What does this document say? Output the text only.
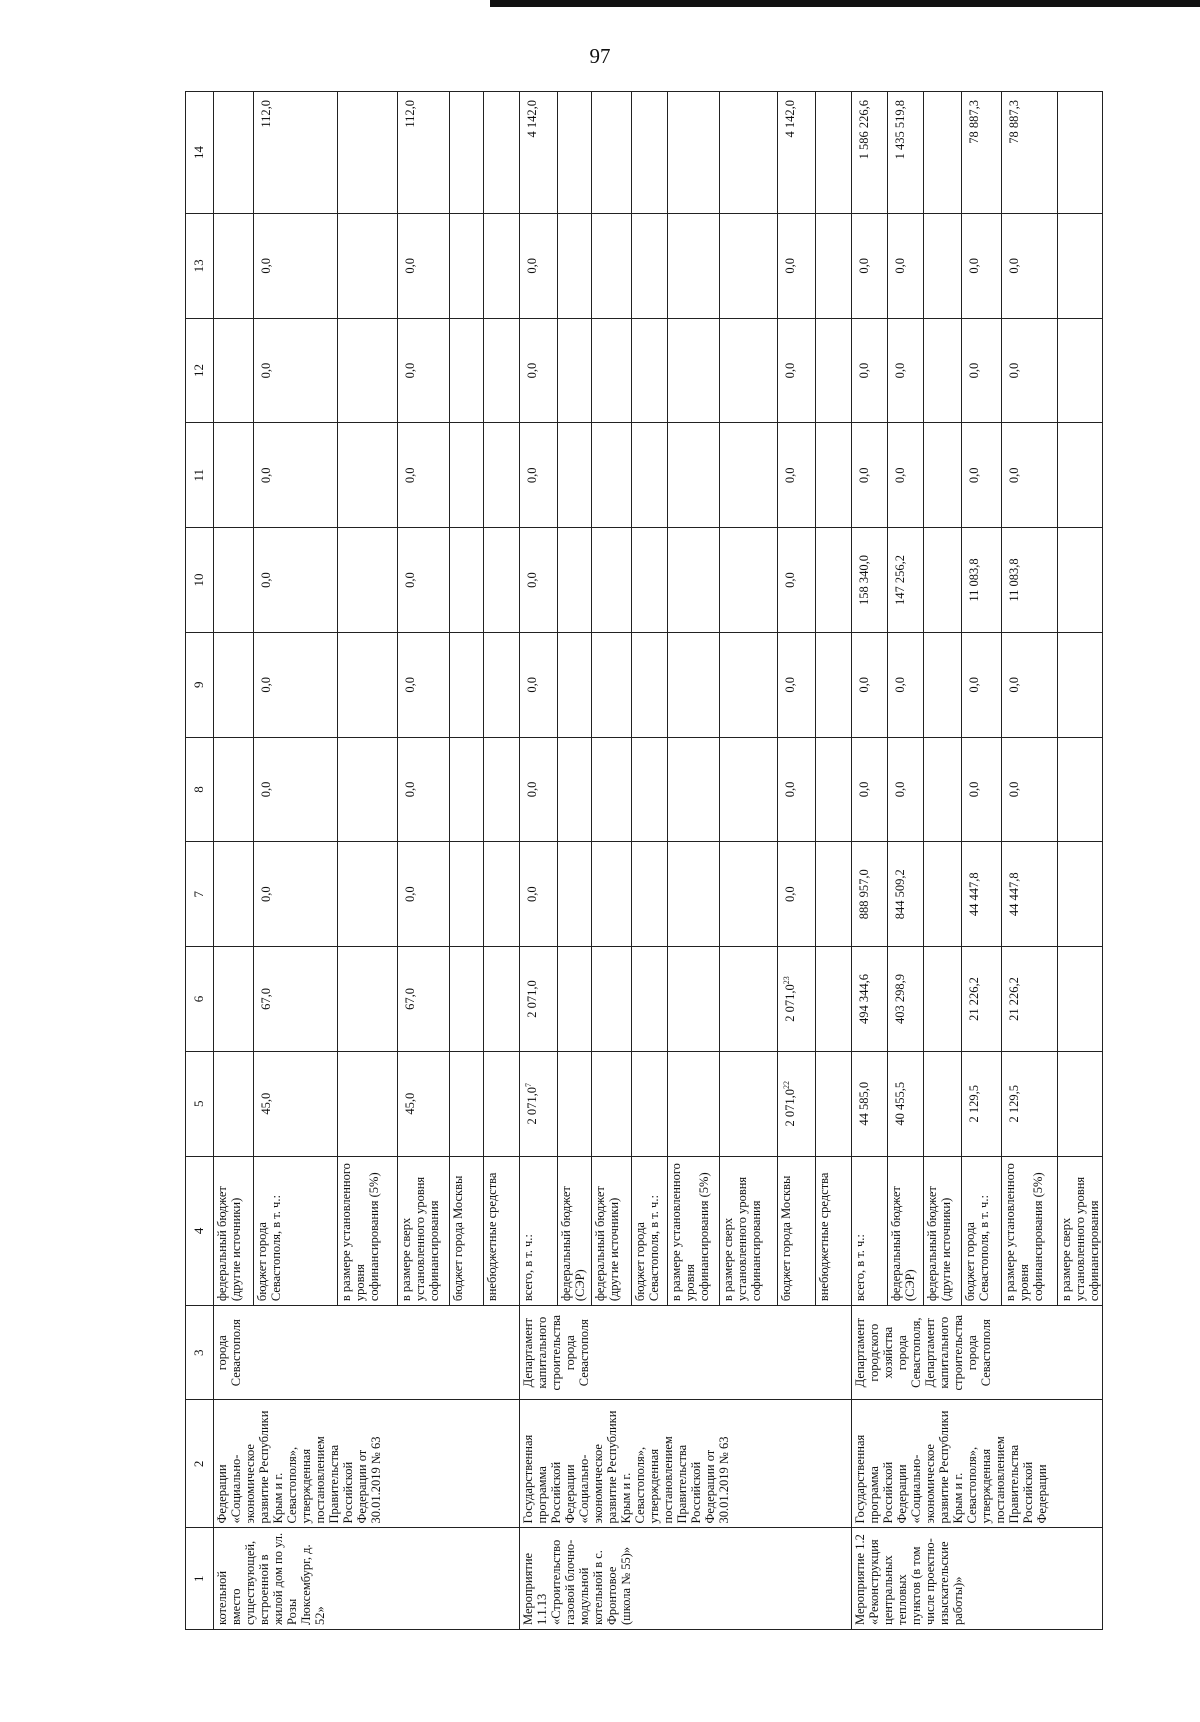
97
1	2	3	4	5	6	7	8	9	10	11	12	13	14
котельной вместо существующей, встроенной в жилой дом по ул. Розы Люксембург, д. 52»	Федерации «Социально-экономическое развитие Республики Крым и г. Севастополя», утвержденная постановлением Правительства Российской Федерации от 30.01.2019 № 63	города Севастополя	федеральный бюджет (другие источники)										
			бюджет города Севастополя, в т. ч.:	45,0	67,0	0,0	0,0	0,0	0,0	0,0	0,0	0,0	112,0
			в размере установленного уровня софинансирования (5%)										
			в размере сверх установленного уровня софинансирования	45,0	67,0	0,0	0,0	0,0	0,0	0,0	0,0	0,0	112,0
			бюджет города Москвы										
			внебюджетные средства										
Мероприятие 1.1.13 «Строительство газовой блочно-модульной котельной в с. Фронтовое (школа № 55)»	Государственная программа Российской Федерации «Социально-экономическое развитие Республики Крым и г. Севастополя», утвержденная постановлением Правительства Российской Федерации от 30.01.2019 № 63	Департамент капитального строительства города Севастополя	всего, в т. ч.:	2 071,0$^7$	2 071,0	0,0	0,0	0,0	0,0	0,0	0,0	0,0	4 142,0
			федеральный бюджет (СЭР)										
			федеральный бюджет (другие источники)										
			бюджет города Севастополя, в т. ч.:										
			в размере установленного уровня софинансирования (5%)										
			в размере сверх установленного уровня софинансирования										
			бюджет города Москвы	2 071,0$^{22}$	2 071,0$^{23}$	0,0	0,0	0,0	0,0	0,0	0,0	0,0	4 142,0
			внебюджетные средства										
Мероприятие 1.2 «Реконструкция центральных тепловых пунктов (в том числе проектно-изыскательские работы)»	Государственная программа Российской Федерации «Социально-экономическое развитие Республики Крым и г. Севастополя», утвержденная постановлением Правительства Российской Федерации	Департамент городского хозяйства города Севастополя, Департамент капитального строительства города Севастополя	всего, в т. ч.:	44 585,0	494 344,6	888 957,0	0,0	0,0	158 340,0	0,0	0,0	0,0	1 586 226,6
			федеральный бюджет (СЭР)	40 455,5	403 298,9	844 509,2	0,0	0,0	147 256,2	0,0	0,0	0,0	1 435 519,8
			федеральный бюджет (другие источники)										
			бюджет города Севастополя, в т. ч.:	2 129,5	21 226,2	44 447,8	0,0	0,0	11 083,8	0,0	0,0	0,0	78 887,3
			в размере установленного уровня софинансирования (5%)	2 129,5	21 226,2	44 447,8	0,0	0,0	11 083,8	0,0	0,0	0,0	78 887,3
			в размере сверх установленного уровня софинансирования										
